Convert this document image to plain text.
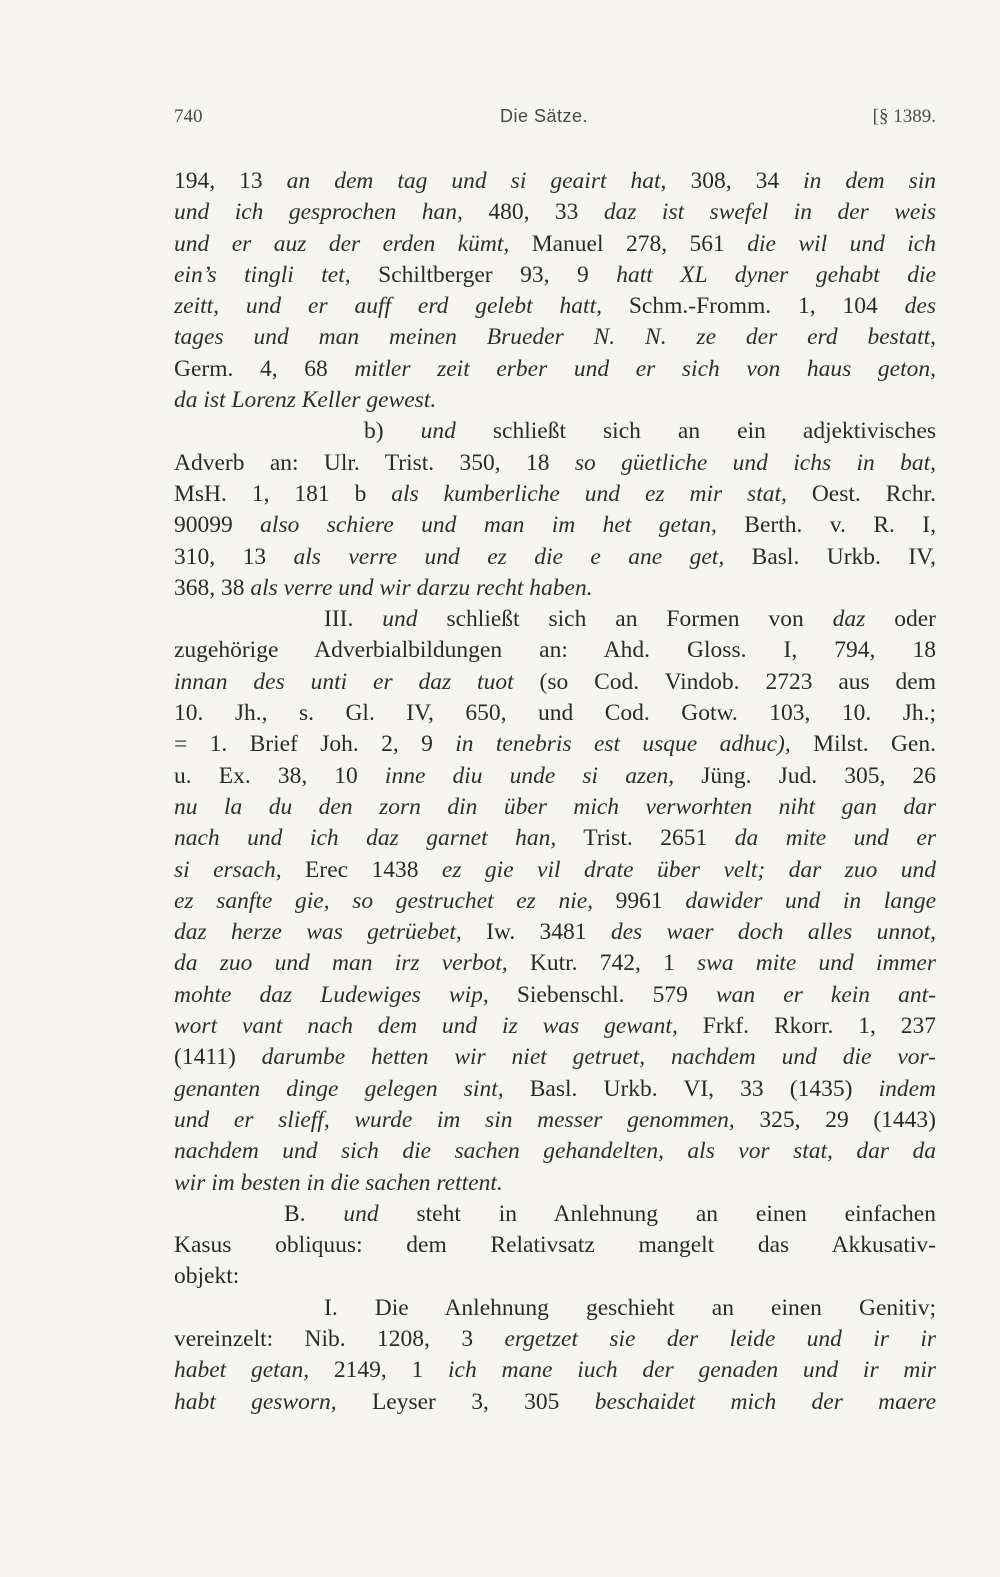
740	Die Sätze.	[§ 1389.
194, 13 an dem tag und si geairt hat, 308, 34 in dem sin
und ich gesprochen han, 480, 33 daz ist swefel in der weis
und er auz der erden kümt, Manuel 278, 561 die wil und ich
ein’s tingli tet, Schiltberger 93, 9 hatt XL dyner gehabt die
zeitt, und er auff erd gelebt hatt, Schm.-Fromm. 1, 104 des
tages und man meinen Brueder N. N. ze der erd bestatt,
Germ. 4, 68 mitler zeit erber und er sich von haus geton,
da ist Lorenz Keller gewest.
b) und schließt sich an ein adjektivisches
Adverb an: Ulr. Trist. 350, 18 so güetliche und ichs in bat,
MsH. 1, 181 b als kumberliche und ez mir stat, Oest. Rchr.
90099 also schiere und man im het getan, Berth. v. R. I,
310, 13 als verre und ez die e ane get, Basl. Urkb. IV,
368, 38 als verre und wir darzu recht haben.
III. und schließt sich an Formen von daz oder
zugehörige Adverbialbildungen an: Ahd. Gloss. I, 794, 18
innan des unti er daz tuot (so Cod. Vindob. 2723 aus dem
10. Jh., s. Gl. IV, 650, und Cod. Gotw. 103, 10. Jh.;
= 1. Brief Joh. 2, 9 in tenebris est usque adhuc), Milst. Gen.
u. Ex. 38, 10 inne diu unde si azen, Jüng. Jud. 305, 26
nu la du den zorn din über mich verworhten niht gan dar
nach und ich daz garnet han, Trist. 2651 da mite und er
si ersach, Erec 1438 ez gie vil drate über velt; dar zuo und
ez sanfte gie, so gestruchet ez nie, 9961 dawider und in lange
daz herze was getrüebet, Iw. 3481 des waer doch alles unnot,
da zuo und man irz verbot, Kutr. 742, 1 swa mite und immer
mohte daz Ludewiges wip, Siebenschl. 579 wan er kein ant-
wort vant nach dem und iz was gewant, Frkf. Rkorr. 1, 237
(1411) darumbe hetten wir niet getruet, nachdem und die vor-
genanten dinge gelegen sint, Basl. Urkb. VI, 33 (1435) indem
und er slieff, wurde im sin messer genommen, 325, 29 (1443)
nachdem und sich die sachen gehandelten, als vor stat, dar da
wir im besten in die sachen rettent.
B. und steht in Anlehnung an einen einfachen
Kasus obliquus: dem Relativsatz mangelt das Akkusativ-
objekt:
I. Die Anlehnung geschieht an einen Genitiv;
vereinzelt: Nib. 1208, 3 ergetzet sie der leide und ir ir
habet getan, 2149, 1 ich mane iuch der genaden und ir mir
habt gesworn, Leyser 3, 305 beschaidet mich der maere
